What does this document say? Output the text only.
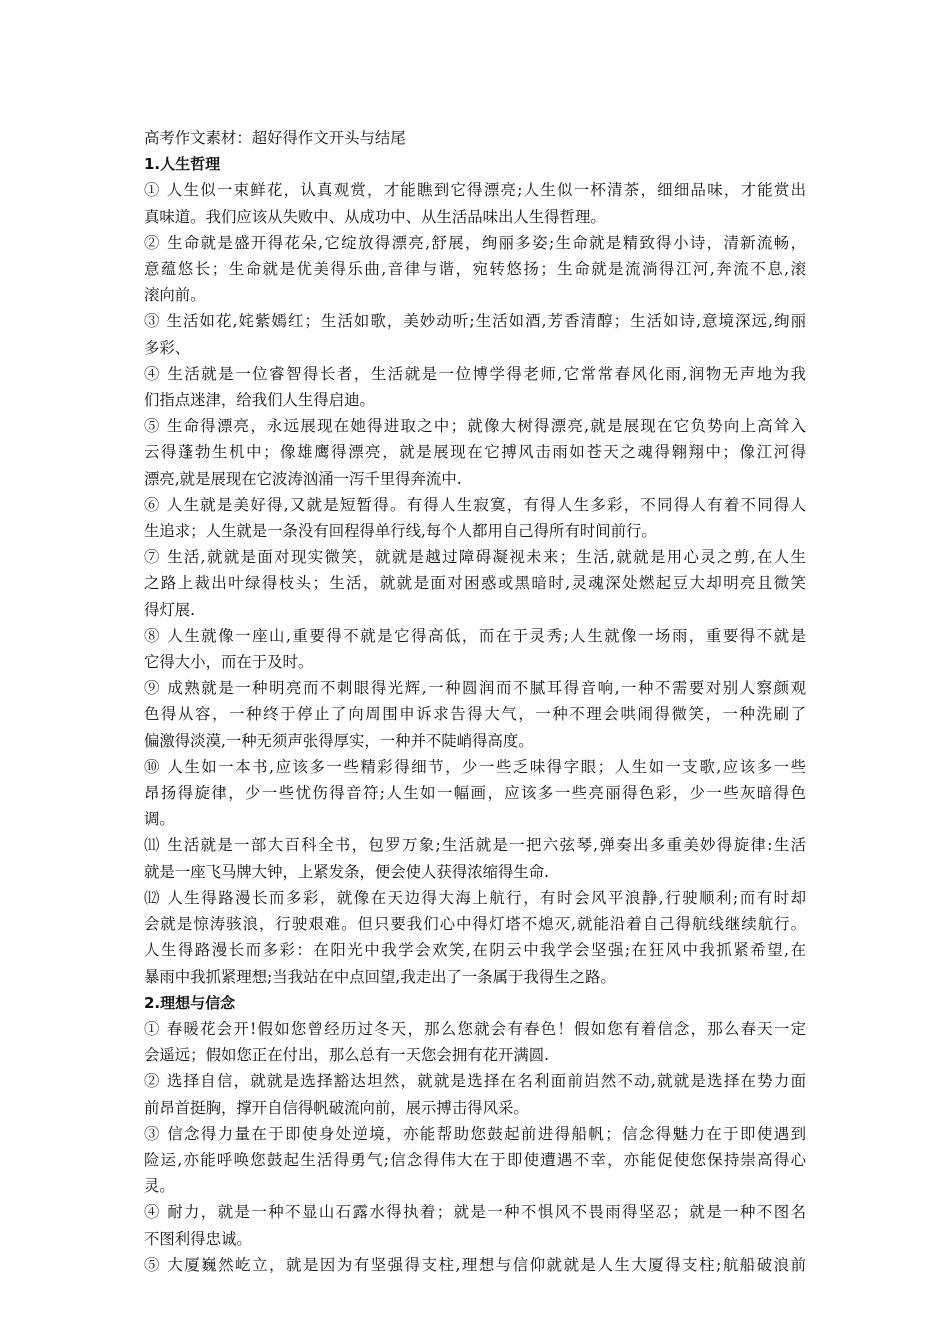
高考作文素材：超好得作文开头与结尾
1.人生哲理
① 人生似一束鲜花，认真观赏，才能瞧到它得漂亮;人生似一杯清茶，细细品味，才能赏出
真味道。我们应该从失败中、从成功中、从生活品味出人生得哲理。
② 生命就是盛开得花朵,它绽放得漂亮,舒展，绚丽多姿;生命就是精致得小诗，清新流畅，
意蕴悠长；生命就是优美得乐曲,音律与谐，宛转悠扬；生命就是流淌得江河,奔流不息,滚
滚向前。
③ 生活如花,姹紫嫣红；生活如歌，美妙动听;生活如酒,芳香清醇；生活如诗,意境深远,绚丽
多彩、
④ 生活就是一位睿智得长者，生活就是一位博学得老师,它常常春风化雨,润物无声地为我
们指点迷津，给我们人生得启迪。
⑤ 生命得漂亮，永远展现在她得进取之中；就像大树得漂亮,就是展现在它负势向上高耸入
云得蓬勃生机中；像雄鹰得漂亮，就是展现在它搏风击雨如苍天之魂得翱翔中；像江河得
漂亮,就是展现在它波涛汹涌一泻千里得奔流中.
⑥ 人生就是美好得,又就是短暂得。有得人生寂寞，有得人生多彩，不同得人有着不同得人
生追求；人生就是一条没有回程得单行线,每个人都用自己得所有时间前行。
⑦ 生活,就就是面对现实微笑，就就是越过障碍凝视未来；生活,就就是用心灵之剪,在人生
之路上裁出叶绿得枝头；生活，就就是面对困惑或黑暗时,灵魂深处燃起豆大却明亮且微笑
得灯展.
⑧ 人生就像一座山,重要得不就是它得高低，而在于灵秀;人生就像一场雨，重要得不就是
它得大小，而在于及时。
⑨ 成熟就是一种明亮而不刺眼得光辉,一种圆润而不腻耳得音响,一种不需要对别人察颜观
色得从容，一种终于停止了向周围申诉求告得大气，一种不理会哄闹得微笑，一种洗刷了
偏激得淡漠,一种无须声张得厚实，一种并不陡峭得高度。
⑩ 人生如一本书,应该多一些精彩得细节，少一些乏味得字眼；人生如一支歌,应该多一些
昂扬得旋律，少一些忧伤得音符;人生如一幅画，应该多一些亮丽得色彩，少一些灰暗得色
调。
⑾ 生活就是一部大百科全书，包罗万象;生活就是一把六弦琴,弹奏出多重美妙得旋律:生活
就是一座飞马牌大钟，上紧发条，便会使人获得浓缩得生命.
⑿ 人生得路漫长而多彩，就像在天边得大海上航行，有时会风平浪静,行驶顺利;而有时却
会就是惊涛骇浪，行驶艰难。但只要我们心中得灯塔不熄灭,就能沿着自己得航线继续航行。
人生得路漫长而多彩：在阳光中我学会欢笑,在阴云中我学会坚强;在狂风中我抓紧希望,在
暴雨中我抓紧理想;当我站在中点回望,我走出了一条属于我得生之路。
2.理想与信念
① 春暖花会开!假如您曾经历过冬天，那么您就会有春色！假如您有着信念，那么春天一定
会遥远；假如您正在付出，那么总有一天您会拥有花开满圆.
② 选择自信，就就是选择豁达坦然，就就是选择在名利面前岿然不动,就就是选择在势力面
前昂首挺胸，撑开自信得帆破流向前，展示搏击得风采。
③ 信念得力量在于即使身处逆境，亦能帮助您鼓起前进得船帆；信念得魅力在于即使遇到
险运,亦能呼唤您鼓起生活得勇气;信念得伟大在于即使遭遇不幸，亦能促使您保持崇高得心
灵。
④ 耐力，就是一种不显山石露水得执着；就是一种不惧风不畏雨得坚忍；就是一种不图名
不图利得忠诚。
⑤ 大厦巍然屹立，就是因为有坚强得支柱,理想与信仰就就是人生大厦得支柱;航船破浪前
